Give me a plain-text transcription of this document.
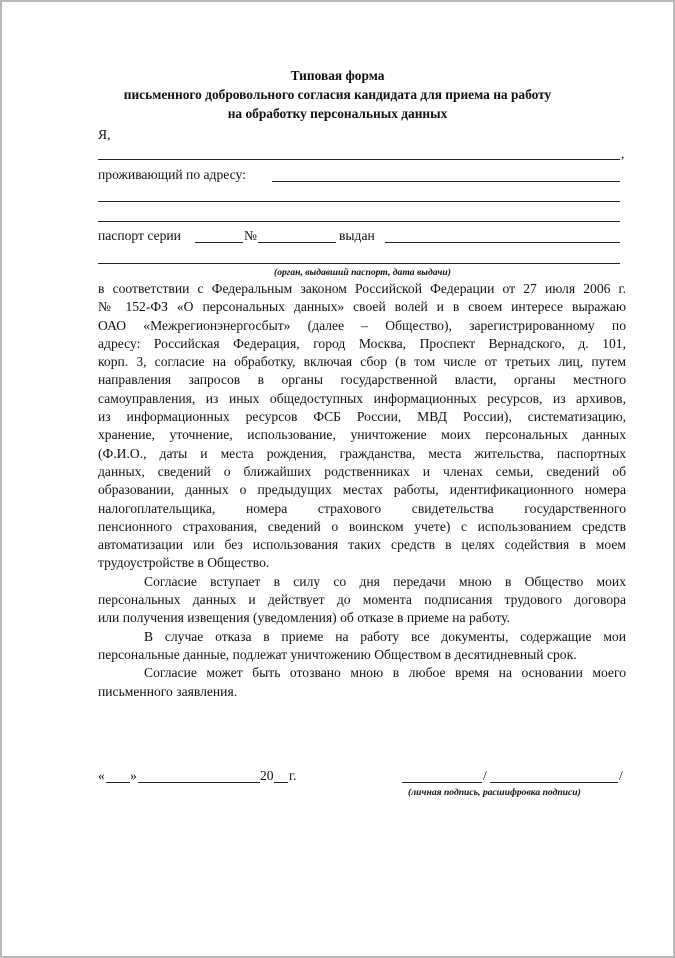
Типовая форма
письменного добровольного согласия кандидата для приема на работу
на обработку персональных данных
Я,
,
проживающий по адресу:
паспорт серии	№	выдан
(орган, выдавший паспорт, дата выдачи)
в соответствии с Федеральным законом Российской Федерации от 27 июля 2006 г.
№ 152-ФЗ «О персональных данных» своей волей и в своем интересе выражаю
ОАО «Межрегионэнергосбыт» (далее – Общество), зарегистрированному по
адресу: Российская Федерация, город Москва, Проспект Вернадского, д. 101,
корп. 3, согласие на обработку, включая сбор (в том числе от третьих лиц, путем
направления запросов в органы государственной власти, органы местного
самоуправления, из иных общедоступных информационных ресурсов, из архивов,
из информационных ресурсов ФСБ России, МВД России), систематизацию,
хранение, уточнение, использование, уничтожение моих персональных данных
(Ф.И.О., даты и места рождения, гражданства, места жительства, паспортных
данных, сведений о ближайших родственниках и членах семьи, сведений об
образовании, данных о предыдущих местах работы, идентификационного номера
налогоплательщика, номера страхового свидетельства государственного
пенсионного страхования, сведений о воинском учете) с использованием средств
автоматизации или без использования таких средств в целях содействия в моем
трудоустройстве в Общество.
Согласие вступает в силу со дня передачи мною в Общество моих
персональных данных и действует до момента подписания трудового договора
или получения извещения (уведомления) об отказе в приеме на работу.
В случае отказа в приеме на работу все документы, содержащие мои
персональные данные, подлежат уничтожению Обществом в десятидневный срок.
Согласие может быть отозвано мною в любое время на основании моего
письменного заявления.
« »	20 г.	/	/
(личная подпись, расшифровка подписи)
